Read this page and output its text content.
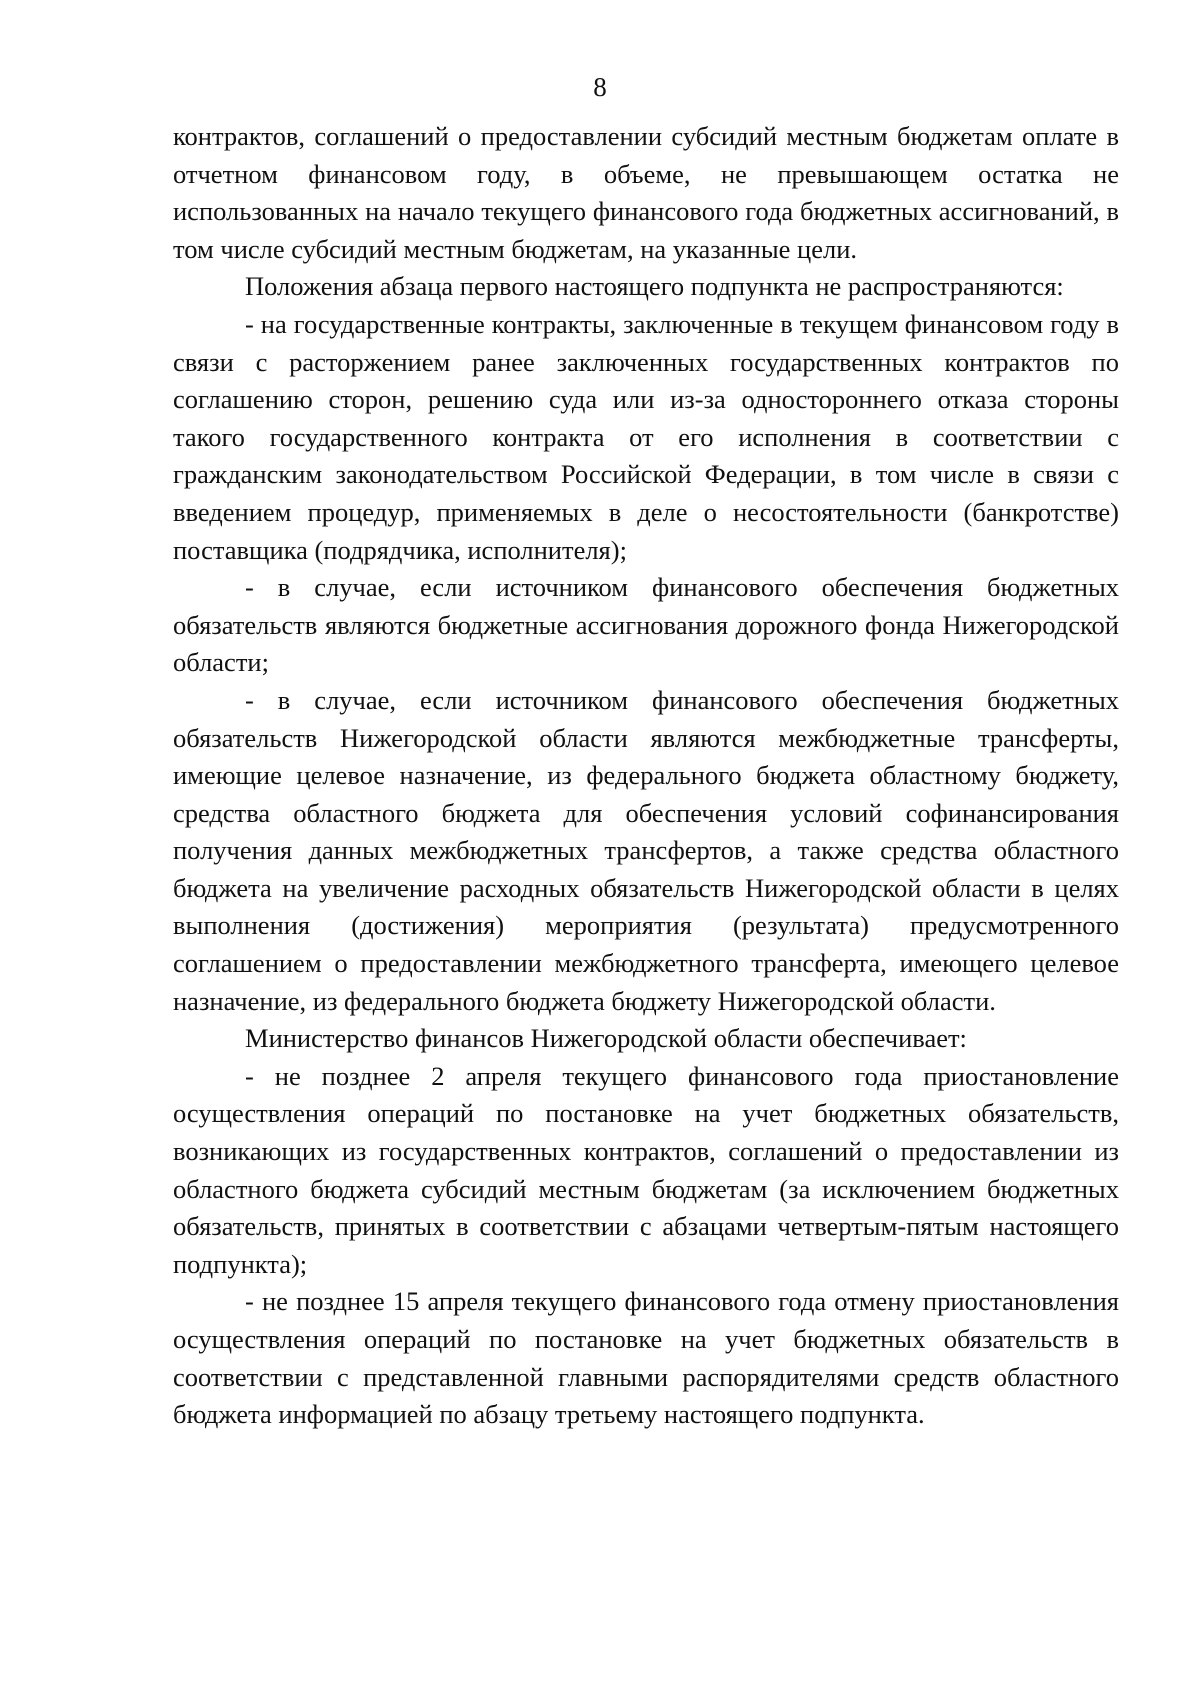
8

контрактов, соглашений о предоставлении субсидий местным бюджетам оплате в отчетном финансовом году, в объеме, не превышающем остатка не использованных на начало текущего финансового года бюджетных ассигнований, в том числе субсидий местным бюджетам, на указанные цели.

Положения абзаца первого настоящего подпункта не распространяются:

- на государственные контракты, заключенные в текущем финансовом году в связи с расторжением ранее заключенных государственных контрактов по соглашению сторон, решению суда или из-за одностороннего отказа стороны такого государственного контракта от его исполнения в соответствии с гражданским законодательством Российской Федерации, в том числе в связи с введением процедур, применяемых в деле о несостоятельности (банкротстве) поставщика (подрядчика, исполнителя);

- в случае, если источником финансового обеспечения бюджетных обязательств являются бюджетные ассигнования дорожного фонда Нижегородской области;

- в случае, если источником финансового обеспечения бюджетных обязательств Нижегородской области являются межбюджетные трансферты, имеющие целевое назначение, из федерального бюджета областному бюджету, средства областного бюджета для обеспечения условий софинансирования получения данных межбюджетных трансфертов, а также средства областного бюджета на увеличение расходных обязательств Нижегородской области в целях выполнения (достижения) мероприятия (результата) предусмотренного соглашением о предоставлении межбюджетного трансферта, имеющего целевое назначение, из федерального бюджета бюджету Нижегородской области.

Министерство финансов Нижегородской области обеспечивает:

- не позднее 2 апреля текущего финансового года приостановление осуществления операций по постановке на учет бюджетных обязательств, возникающих из государственных контрактов, соглашений о предоставлении из областного бюджета субсидий местным бюджетам (за исключением бюджетных обязательств, принятых в соответствии с абзацами четвертым-пятым настоящего подпункта);

- не позднее 15 апреля текущего финансового года отмену приостановления осуществления операций по постановке на учет бюджетных обязательств в соответствии с представленной главными распорядителями средств областного бюджета информацией по абзацу третьему настоящего подпункта.
